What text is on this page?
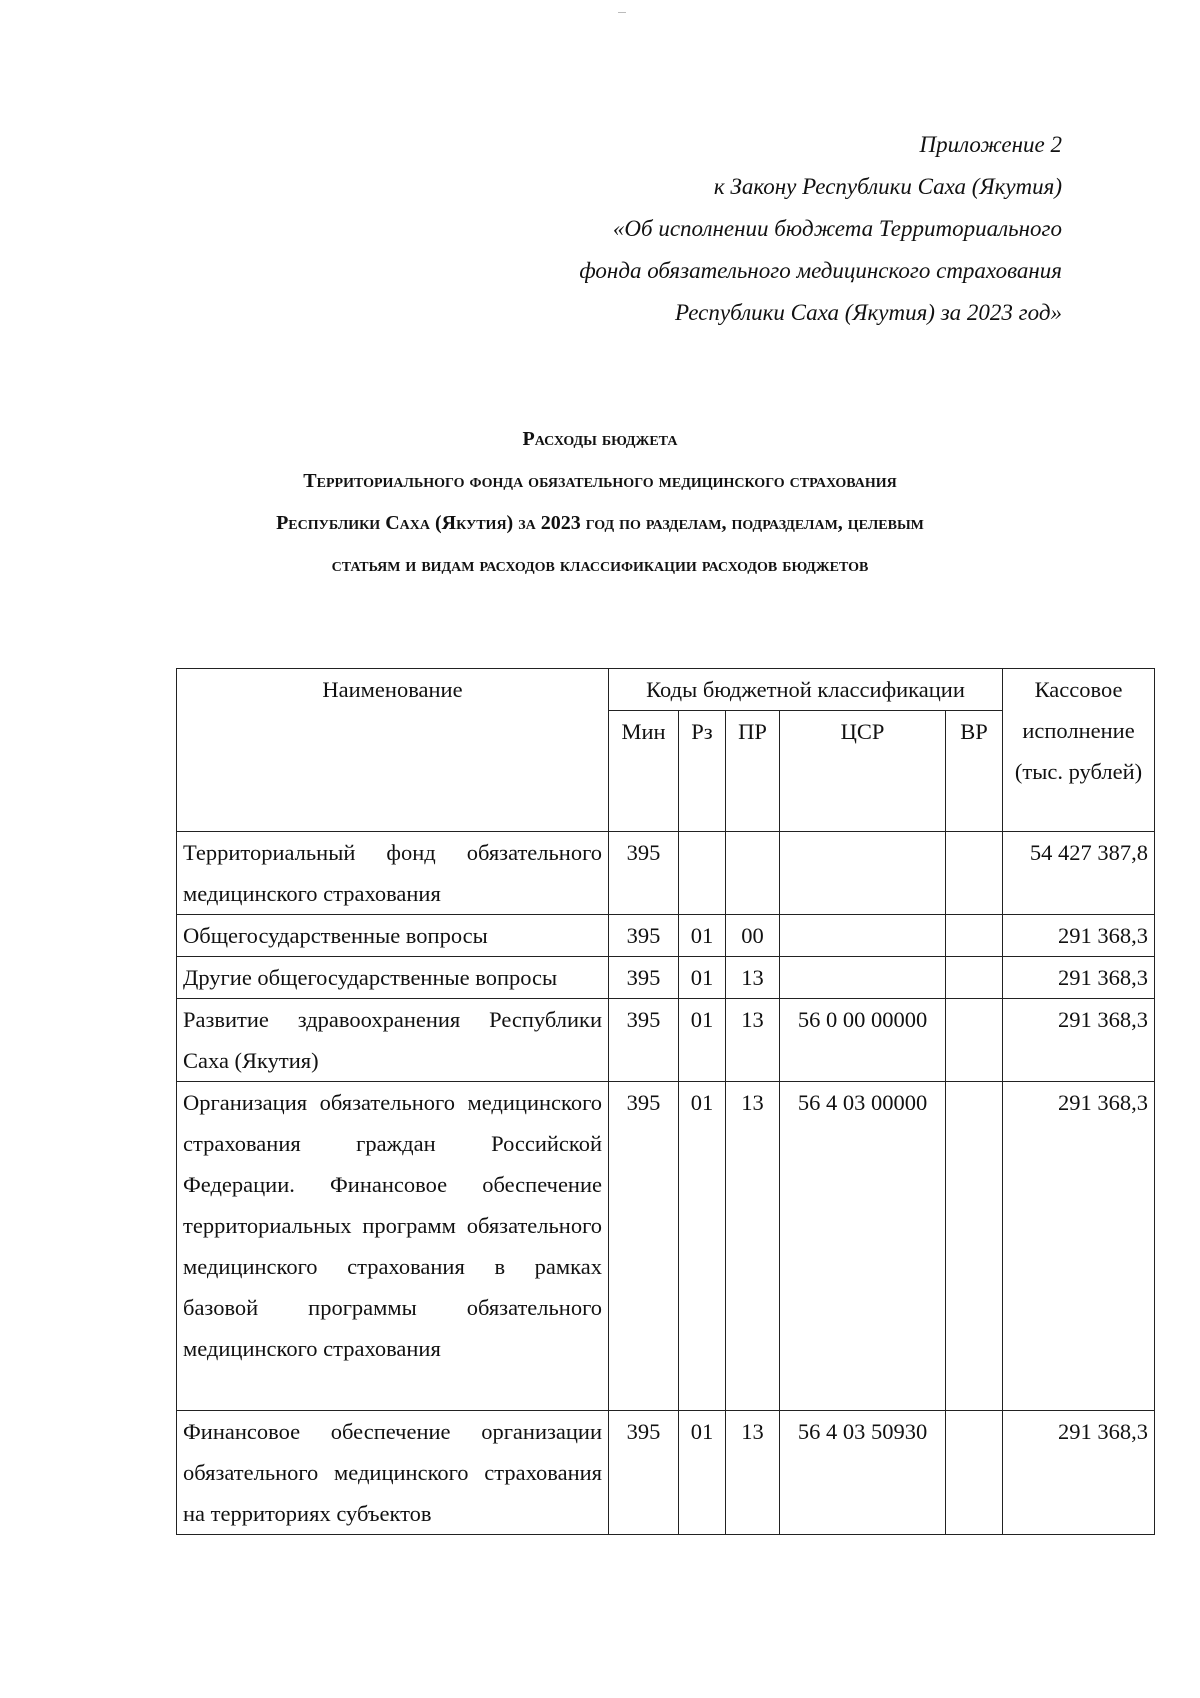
Приложение 2
к Закону Республики Саха (Якутия)
«Об исполнении бюджета Территориального
фонда обязательного медицинского страхования
Республики Саха (Якутия) за 2023 год»
Расходы бюджета
Территориального фонда обязательного медицинского страхования
Республики Саха (Якутия) за 2023 год по разделам, подразделам, целевым
статьям и видам расходов классификации расходов бюджетов
Наименование	Коды бюджетной классификации					Кассовое исполнение (тыс. рублей)
	Мин	Рз	ПР	ЦСР	ВР	
Территориальный фонд обязательного медицинского страхования	395					54 427 387,8
Общегосударственные вопросы	395	01	00			291 368,3
Другие общегосударственные вопросы	395	01	13			291 368,3
Развитие здравоохранения Республики Саха (Якутия)	395	01	13	56 0 00 00000		291 368,3
Организация обязательного медицинского страхования граждан Российской Федерации. Финансовое обеспечение территориальных программ обязательного медицинского страхования в рамках базовой программы обязательного медицинского страхования	395	01	13	56 4 03 00000		291 368,3
Финансовое обеспечение организации обязательного медицинского страхования на территориях субъектов	395	01	13	56 4 03 50930		291 368,3
